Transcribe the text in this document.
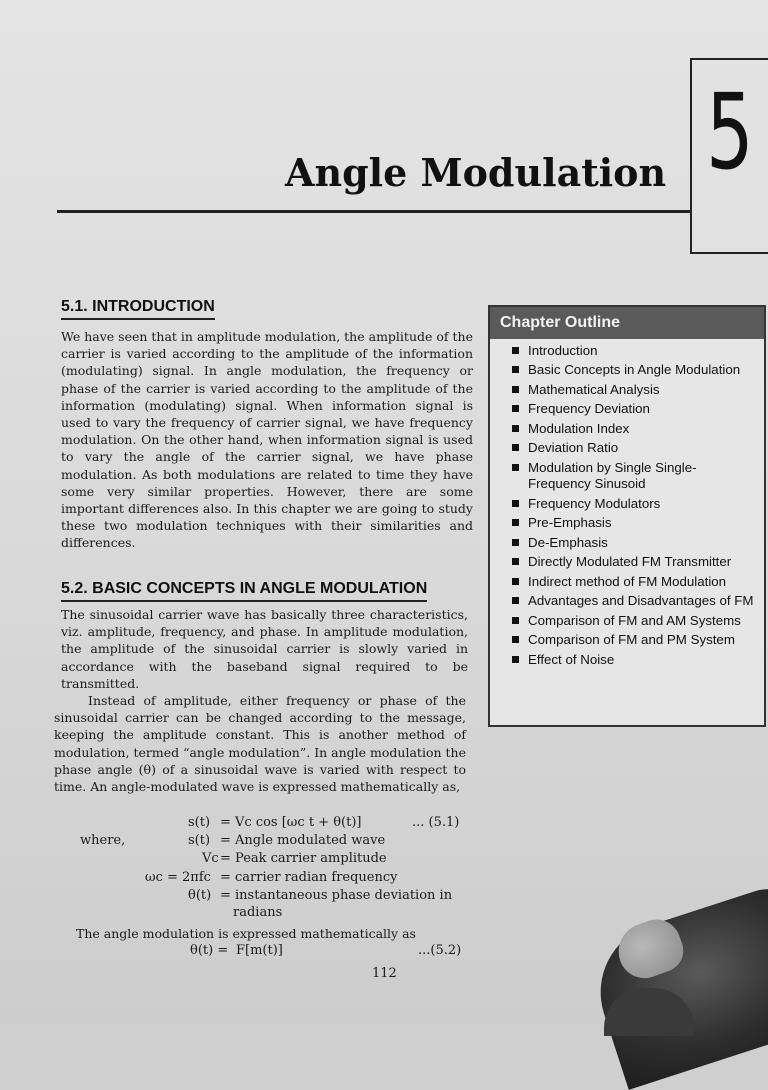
Angle Modulation 5
5.1. INTRODUCTION
We have seen that in amplitude modulation, the amplitude of the carrier is varied according to the amplitude of the information (modulating) signal. In angle modulation, the frequency or phase of the carrier is varied according to the amplitude of the information (modulating) signal. When information signal is used to vary the frequency of carrier signal, we have frequency modulation. On the other hand, when information signal is used to vary the angle of the carrier signal, we have phase modulation. As both modulations are related to time they have some very similar properties. However, there are some important differences also. In this chapter we are going to study these two modulation techniques with their similarities and differences.
5.2. BASIC CONCEPTS IN ANGLE MODULATION
The sinusoidal carrier wave has basically three characteristics, viz. amplitude, frequency, and phase. In amplitude modulation, the amplitude of the sinusoidal carrier is slowly varied in accordance with the baseband signal required to be transmitted.
Instead of amplitude, either frequency or phase of the sinusoidal carrier can be changed according to the message, keeping the amplitude constant. This is another method of modulation, termed “angle modulation”. In angle modulation the phase angle (θ) of a sinusoidal wave is varied with respect to time. An angle-modulated wave is expressed mathematically as,
s(t) = Vc cos [ωc t + θ(t)]	... (5.1)
where,	s(t) = Angle modulated wave
Vc = Peak carrier amplitude
ωc = 2πfc = carrier radian frequency
θ(t) = instantaneous phase deviation in
radians
The angle modulation is expressed mathematically as
θ(t) = F[m(t)]	...(5.2)
112
Chapter Outline
Introduction
Basic Concepts in Angle Modulation
Mathematical Analysis
Frequency Deviation
Modulation Index
Deviation Ratio
Modulation by Single Single-Frequency Sinusoid
Frequency Modulators
Pre-Emphasis
De-Emphasis
Directly Modulated FM Transmitter
Indirect method of FM Modulation
Advantages and Disadvantages of FM
Comparison of FM and AM Systems
Comparison of FM and PM System
Effect of Noise
